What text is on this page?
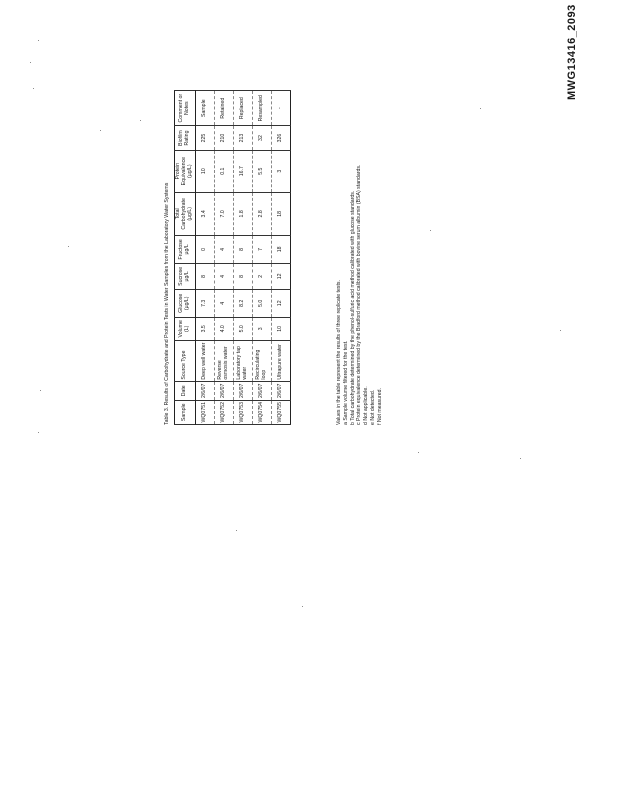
MWG13416_2093
Table 3. Results of Carbohydrate and Protein Tests in Water Samples from the Laboratory Water Systems Sample	Date	Source Type	Volume (L)	Glucose (µg/L)	Sucrose µg/L	Fructose µg/L	Total Carbohydrate (µg/L)	Protein Equivalence (µg/L)	Biofilm Rating	Comment or Notes
WQ0751	2/6/07	Deep well water	3.5	7.3	8	0	3.4	10	225	Sample
WQ0752	2/6/07	Reverse osmosis water	4.0	4	4	4	7.0	0.1	210	Retained
WQ0753	2/6/07	Laboratory tap water	5.0	8.2	8	8	1.8	16.7	213	Replaced
WQ0754	2/6/07	Recirculating loop	3	5.0	2	7	2.8	5.5	32	Resampled
WQ0755	2/6/07	Ultrapure water	10	12	12	18	18	3	326	-
Values in the table represent the results of three replicate tests. a Sample volume filtered for the test. b Total carbohydrate determined by the phenol-sulfuric acid method calibrated with glucose standards. c Protein equivalence determined by the Bradford method calibrated with bovine serum albumin (BSA) standards. d Not applicable. e Not detected. f Not measured.
